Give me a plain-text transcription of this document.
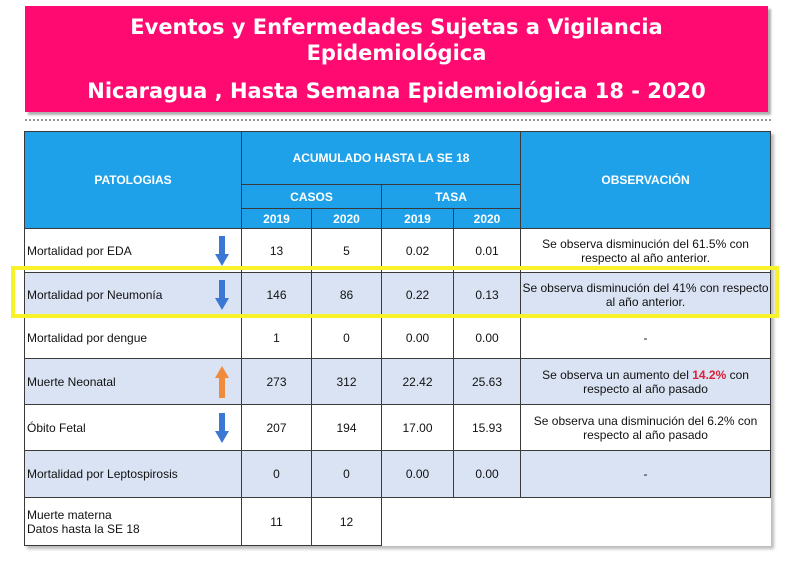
Eventos y Enfermedades Sujetas a Vigilancia
Epidemiológica
Nicaragua , Hasta Semana Epidemiológica 18 - 2020
PATOLOGIAS	ACUMULADO HASTA LA SE 18				OBSERVACIÓN
	CASOS		TASA		
	2019	2020	2019	2020	
Mortalidad por EDA	13	5	0.02	0.01	Se observa disminución del 61.5% con respecto al año anterior.
Mortalidad por Neumonía	146	86	0.22	0.13	Se observa disminución del 41% con respecto al año anterior.
Mortalidad por dengue	1	0	0.00	0.00	-
Muerte Neonatal	273	312	22.42	25.63	Se observa un aumento del 14.2% con respecto al año pasado
Óbito Fetal	207	194	17.00	15.93	Se observa una disminución del 6.2% con respecto al año pasado
Mortalidad por Leptospirosis	0	0	0.00	0.00	-

Muerte materna
Datos hasta la SE 18	11	12			
